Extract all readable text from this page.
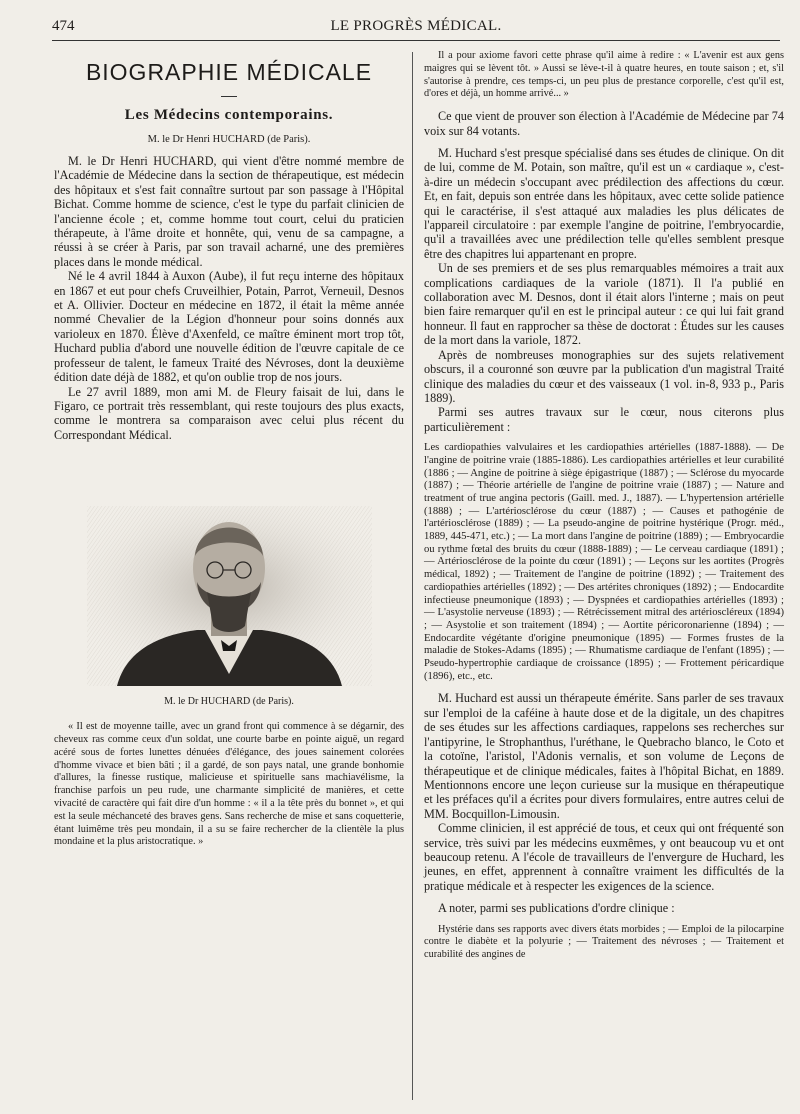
474	LE PROGRÈS MÉDICAL.
BIOGRAPHIE MÉDICALE
Les Médecins contemporains.
M. le Dr Henri HUCHARD (de Paris).

M. le Dr Henri HUCHARD, qui vient d'être nommé membre de l'Académie de Médecine dans la section de thérapeutique, est médecin des hôpitaux et s'est fait connaître surtout par son passage à l'Hôpital Bichat. Comme homme de science, c'est le type du parfait clinicien de l'ancienne école ; et, comme homme tout court, celui du praticien thérapeute, à l'âme droite et honnête, qui, venu de sa campagne, a réussi à se créer à Paris, par son travail acharné, une des premières places dans le monde médical.

Né le 4 avril 1844 à Auxon (Aube), il fut reçu interne des hôpitaux en 1867 et eut pour chefs Cruveilhier, Potain, Parrot, Verneuil, Desnos et A. Ollivier. Docteur en médecine en 1872, il était la même année nommé Chevalier de la Légion d'honneur pour soins donnés aux varioleux en 1870. Élève d'Axenfeld, ce maître éminent mort trop tôt, Huchard publia d'abord une nouvelle édition de l'œuvre capitale de ce professeur de talent, le fameux Traité des Névroses, dont la deuxième édition date déjà de 1882, et qu'on oublie trop de nos jours.

Le 27 avril 1889, mon ami M. de Fleury faisait de lui, dans le Figaro, ce portrait très ressemblant, qui reste toujours des plus exacts, comme le montrera sa comparaison avec celui plus récent du Correspondant Médical.

M. le Dr HUCHARD (de Paris).

« Il est de moyenne taille, avec un grand front qui commence à se dégarnir, des cheveux ras comme ceux d'un soldat, une courte barbe en pointe aiguë, un regard acéré sous de fortes lunettes dénuées d'élégance, des joues sainement colorées d'homme vivace et bien bâti ; il a gardé, de son pays natal, une grande bonhomie d'allures, la finesse rustique, malicieuse et spirituelle sans machiavélisme, la franchise parfois un peu rude, une charmante simplicité de manières, et cette vivacité de caractère qui fait dire d'un homme : « il a la tête près du bonnet », et qui est la seule méchanceté des braves gens. Sans recherche de mise et sans coquetterie, étant luimême très peu mondain, il a su se faire rechercher de la clientèle la plus mondaine et la plus aristocratique. »

Il a pour axiome favori cette phrase qu'il aime à redire : « L'avenir est aux gens maigres qui se lèvent tôt. » Aussi se lève-t-il à quatre heures, en toute saison ; et, s'il s'autorise à prendre, ces temps-ci, un peu plus de prestance corporelle, c'est qu'il est, d'ores et déjà, un homme arrivé... »

Ce que vient de prouver son élection à l'Académie de Médecine par 74 voix sur 84 votants.

M. Huchard s'est presque spécialisé dans ses études de clinique. On dit de lui, comme de M. Potain, son maître, qu'il est un « cardiaque », c'est-à-dire un médecin s'occupant avec prédilection des affections du cœur. Et, en fait, depuis son entrée dans les hôpitaux, avec cette solide patience qui le caractérise, il s'est attaqué aux maladies les plus délicates de l'appareil circulatoire : par exemple l'angine de poitrine, l'embryocardie, qu'il a travaillées avec une prédilection telle qu'elles semblent presque être des chapitres lui appartenant en propre.

Un de ses premiers et de ses plus remarquables mémoires a trait aux complications cardiaques de la variole (1871). Il l'a publié en collaboration avec M. Desnos, dont il était alors l'interne ; mais on peut bien faire remarquer qu'il en est le principal auteur : ce qui lui fait grand honneur. Il faut en rapprocher sa thèse de doctorat : Études sur les causes de la mort dans la variole, 1872.

Après de nombreuses monographies sur des sujets relativement obscurs, il a couronné son œuvre par la publication d'un magistral Traité clinique des maladies du cœur et des vaisseaux (1 vol. in-8, 933 p., Paris 1889).

Parmi ses autres travaux sur le cœur, nous citerons plus particulièrement :

Les cardiopathies valvulaires et les cardiopathies artérielles (1887-1888). — De l'angine de poitrine vraie (1885-1886). Les cardiopathies artérielles et leur curabilité (1886 ; — Angine de poitrine à siège épigastrique (1887) ; — Sclérose du myocarde (1887) ; — Théorie artérielle de l'angine de poitrine vraie (1887) ; — Nature and treatment of true angina pectoris (Gaill. med. J., 1887). — L'hypertension artérielle (1888) ; — L'artériosclérose du cœur (1887) ; — Causes et pathogénie de l'artériosclérose (1889) ; — La pseudo-angine de poitrine hystérique (Progr. méd., 1889, 445-471, etc.) ; — La mort dans l'angine de poitrine (1889) ; — Embryocardie ou rythme fœtal des bruits du cœur (1888-1889) ; — Le cerveau cardiaque (1891) ; — Artériosclérose de la pointe du cœur (1891) ; — Leçons sur les aortites (Progrès médical, 1892) ; — Traitement de l'angine de poitrine (1892) ; — Traitement des cardiopathies artérielles (1892) ; — Des artérites chroniques (1892) ; — Endocardite infectieuse pneumonique (1893) ; — Dyspnées et cardiopathies artérielles (1893) ; — L'asystolie nerveuse (1893) ; — Rétrécissement mitral des artérioscléreux (1894) ; — Asystolie et son traitement (1894) ; — Aortite péricoronarienne (1894) ; — Endocardite végétante d'origine pneumonique (1895) — Formes frustes de la maladie de Stokes-Adams (1895) ; — Rhumatisme cardiaque de l'enfant (1895) ; — Pseudo-hypertrophie cardiaque de croissance (1895) ; — Frottement péricardique (1896), etc., etc.

M. Huchard est aussi un thérapeute émérite. Sans parler de ses travaux sur l'emploi de la caféine à haute dose et de la digitale, un des chapitres de ses études sur les affections cardiaques, rappelons ses recherches sur l'antipyrine, le Strophanthus, l'uréthane, le Quebracho blanco, le Coto et la cotoïne, l'aristol, l'Adonis vernalis, et son volume de Leçons de thérapeutique et de clinique médicales, faites à l'hôpital Bichat, en 1889. Mentionnons encore une leçon curieuse sur la musique en thérapeutique et les préfaces qu'il a écrites pour divers formulaires, entre autres celui de MM. Bocquillon-Limousin.

Comme clinicien, il est apprécié de tous, et ceux qui ont fréquenté son service, très suivi par les médecins euxmêmes, y ont beaucoup vu et ont beaucoup retenu. A l'école de travailleurs de l'envergure de Huchard, les jeunes, en effet, apprennent à connaître vraiment les difficultés de la pratique médicale et à respecter les exigences de la science.

A noter, parmi ses publications d'ordre clinique :

Hystérie dans ses rapports avec divers états morbides ; — Emploi de la pilocarpine contre le diabète et la polyurie ; — Traitement des névroses ; — Traitement et curabilité des angines de
